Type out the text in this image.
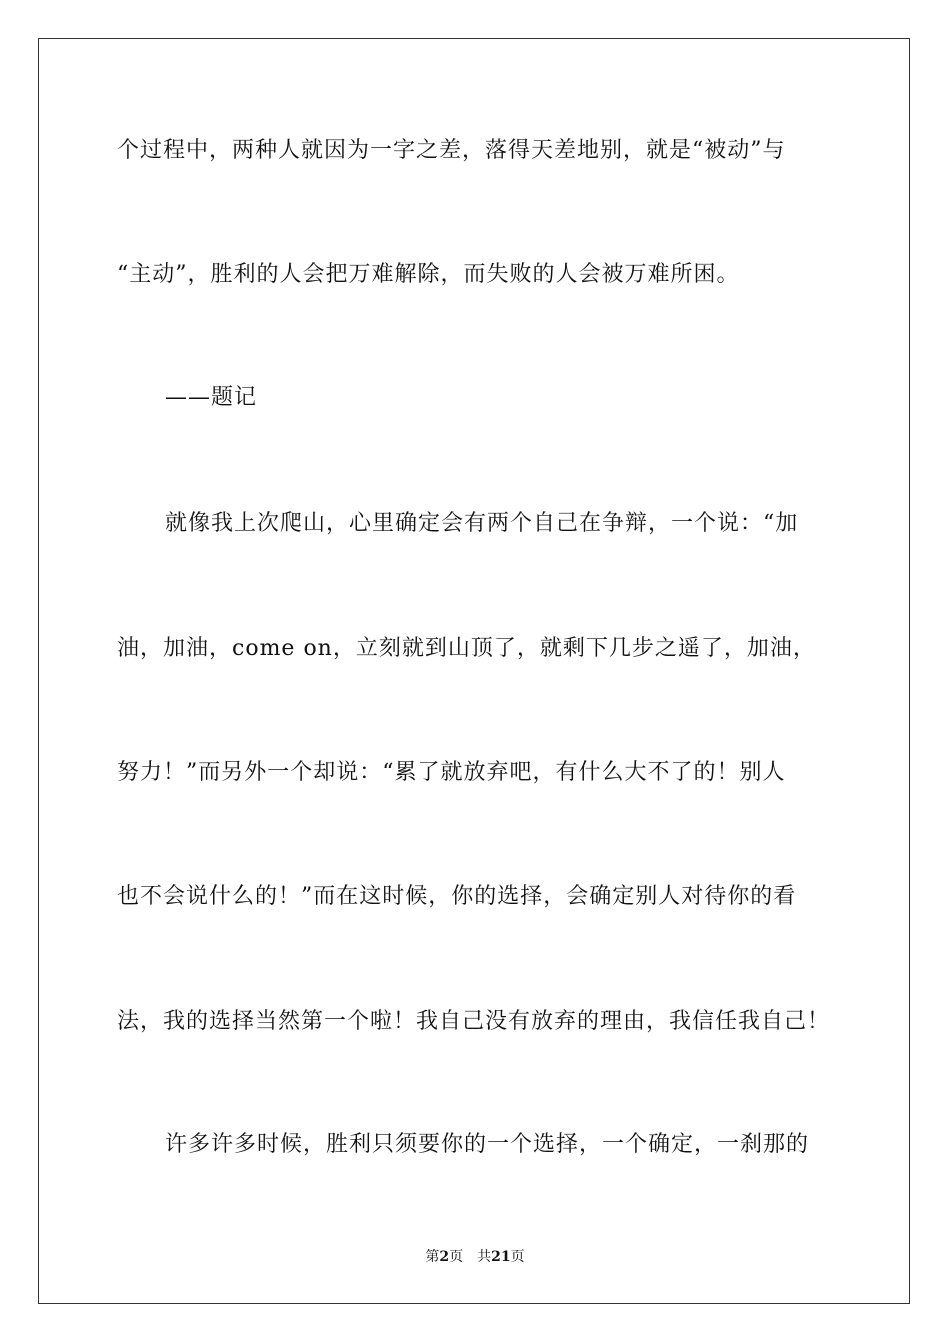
个过程中，两种人就因为一字之差，落得天差地别，就是“被动”与
“主动”，胜利的人会把万难解除，而失败的人会被万难所困。
——题记
就像我上次爬山，心里确定会有两个自己在争辩，一个说：“加
油，加油，come on，立刻就到山顶了，就剩下几步之遥了，加油，
努力！”而另外一个却说：“累了就放弃吧，有什么大不了的！别人
也不会说什么的！”而在这时候，你的选择，会确定别人对待你的看
法，我的选择当然第一个啦！我自己没有放弃的理由，我信任我自己！
许多许多时候，胜利只须要你的一个选择，一个确定，一刹那的
第2页 共21页
